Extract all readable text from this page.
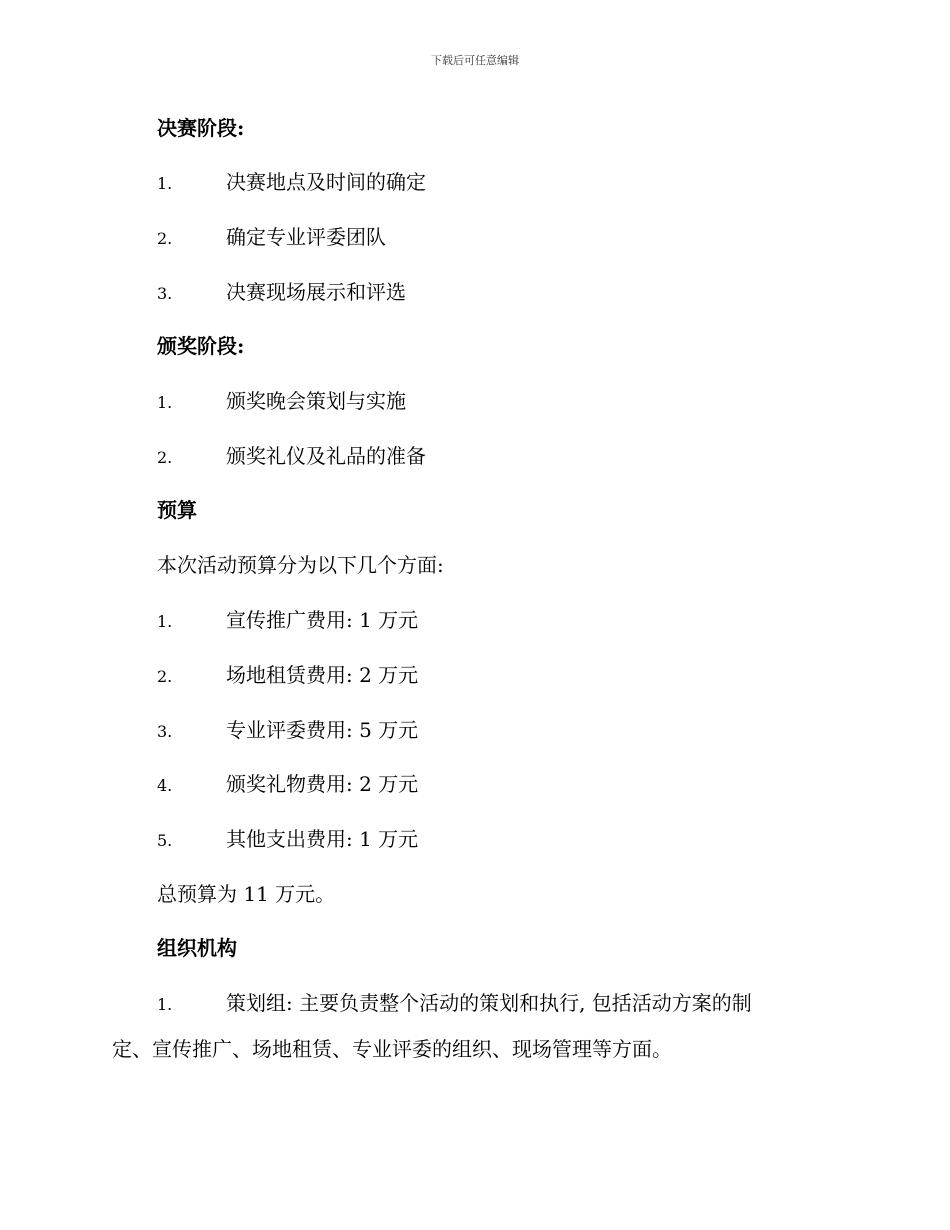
下载后可任意编辑
决赛阶段:
1.	决赛地点及时间的确定
2.	确定专业评委团队
3.	决赛现场展示和评选
颁奖阶段:
1.	颁奖晚会策划与实施
2.	颁奖礼仪及礼品的准备
预算
本次活动预算分为以下几个方面:
1.	宣传推广费用: 1 万元
2.	场地租赁费用: 2 万元
3.	专业评委费用: 5 万元
4.	颁奖礼物费用: 2 万元
5.	其他支出费用: 1 万元
总预算为 11 万元。
组织机构
1.	策划组: 主要负责整个活动的策划和执行, 包括活动方案的制
定、宣传推广、场地租赁、专业评委的组织、现场管理等方面。
